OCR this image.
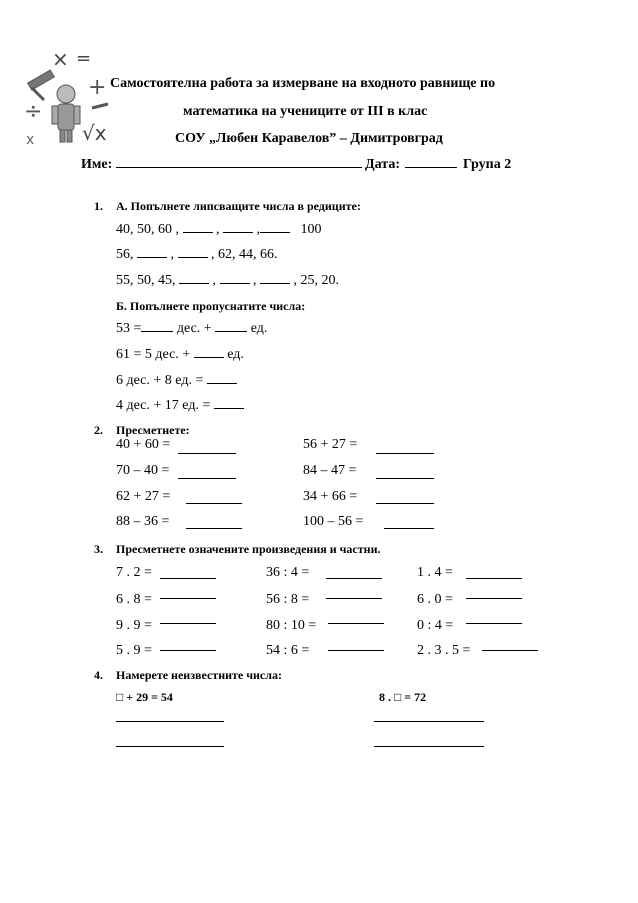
×
÷
=
+
√x
x
Самостоятелна работа за измерване на входното равнище по
математика на учениците от III в клас
СОУ „Любен Каравелов” – Димитровград
Име:	Дата:	Група 2
1. А. Попълнете липсващите числа в редиците:
40, 50, 60 ,	,	,	100
56,	,	, 62, 44, 66.
55, 50, 45,	,	,	, 25, 20.
Б. Попълнете пропуснатите числа:
53 =	дес. +	ед.
61 = 5 дес. +	ед.
6 дес. + 8 ед. =
4 дес. + 17 ед. =
2. Пресметнете:
40 + 60 =	56 + 27 =
70 – 40 =	84 – 47 =
62 + 27 =	34 + 66 =
88 – 36 =	100 – 56 =
3. Пресметнете означените произведения и частни.
7 . 2 =	36 : 4 =	1 . 4 =
6 . 8 =	56 : 8 =	6 . 0 =
9 . 9 =	80 : 10 =	0 : 4 =
5 . 9 =	54 : 6 =	2 . 3 . 5 =
4. Намерете неизвестните числа:
□ + 29 = 54	8 . □ = 72
